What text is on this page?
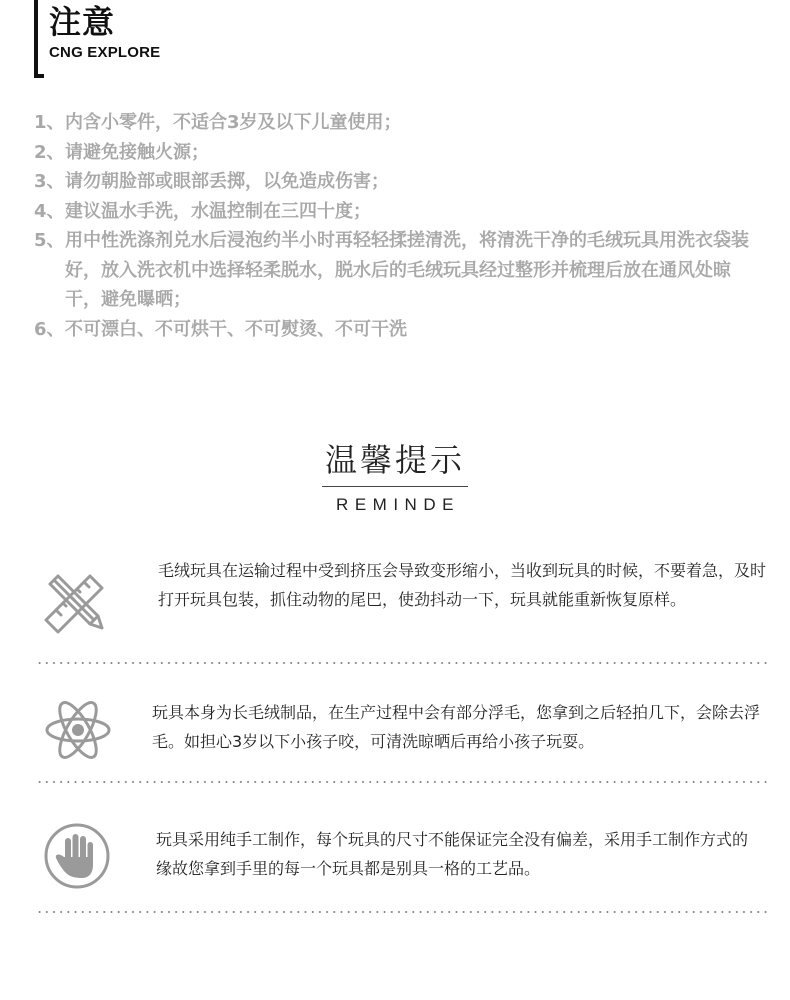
注意
CNG EXPLORE
1、 内含小零件，不适合3岁及以下儿童使用；
2、 请避免接触火源；
3、 请勿朝脸部或眼部丢掷，以免造成伤害；
4、 建议温水手洗，水温控制在三四十度；
5、 用中性洗涤剂兑水后浸泡约半小时再轻轻揉搓清洗，将清洗干净的毛绒玩具用洗衣袋装好，放入洗衣机中选择轻柔脱水，脱水后的毛绒玩具经过整形并梳理后放在通风处晾干，避免曝晒；
6、 不可漂白、不可烘干、不可熨烫、不可干洗
温馨提示
REMINDE
毛绒玩具在运输过程中受到挤压会导致变形缩小，当收到玩具的时候，不要着急，及时打开玩具包装，抓住动物的尾巴，使劲抖动一下，玩具就能重新恢复原样。
玩具本身为长毛绒制品，在生产过程中会有部分浮毛，您拿到之后轻拍几下，会除去浮毛。如担心3岁以下小孩子咬，可清洗晾晒后再给小孩子玩耍。
玩具采用纯手工制作，每个玩具的尺寸不能保证完全没有偏差，采用手工制作方式的缘故您拿到手里的每一个玩具都是别具一格的工艺品。
